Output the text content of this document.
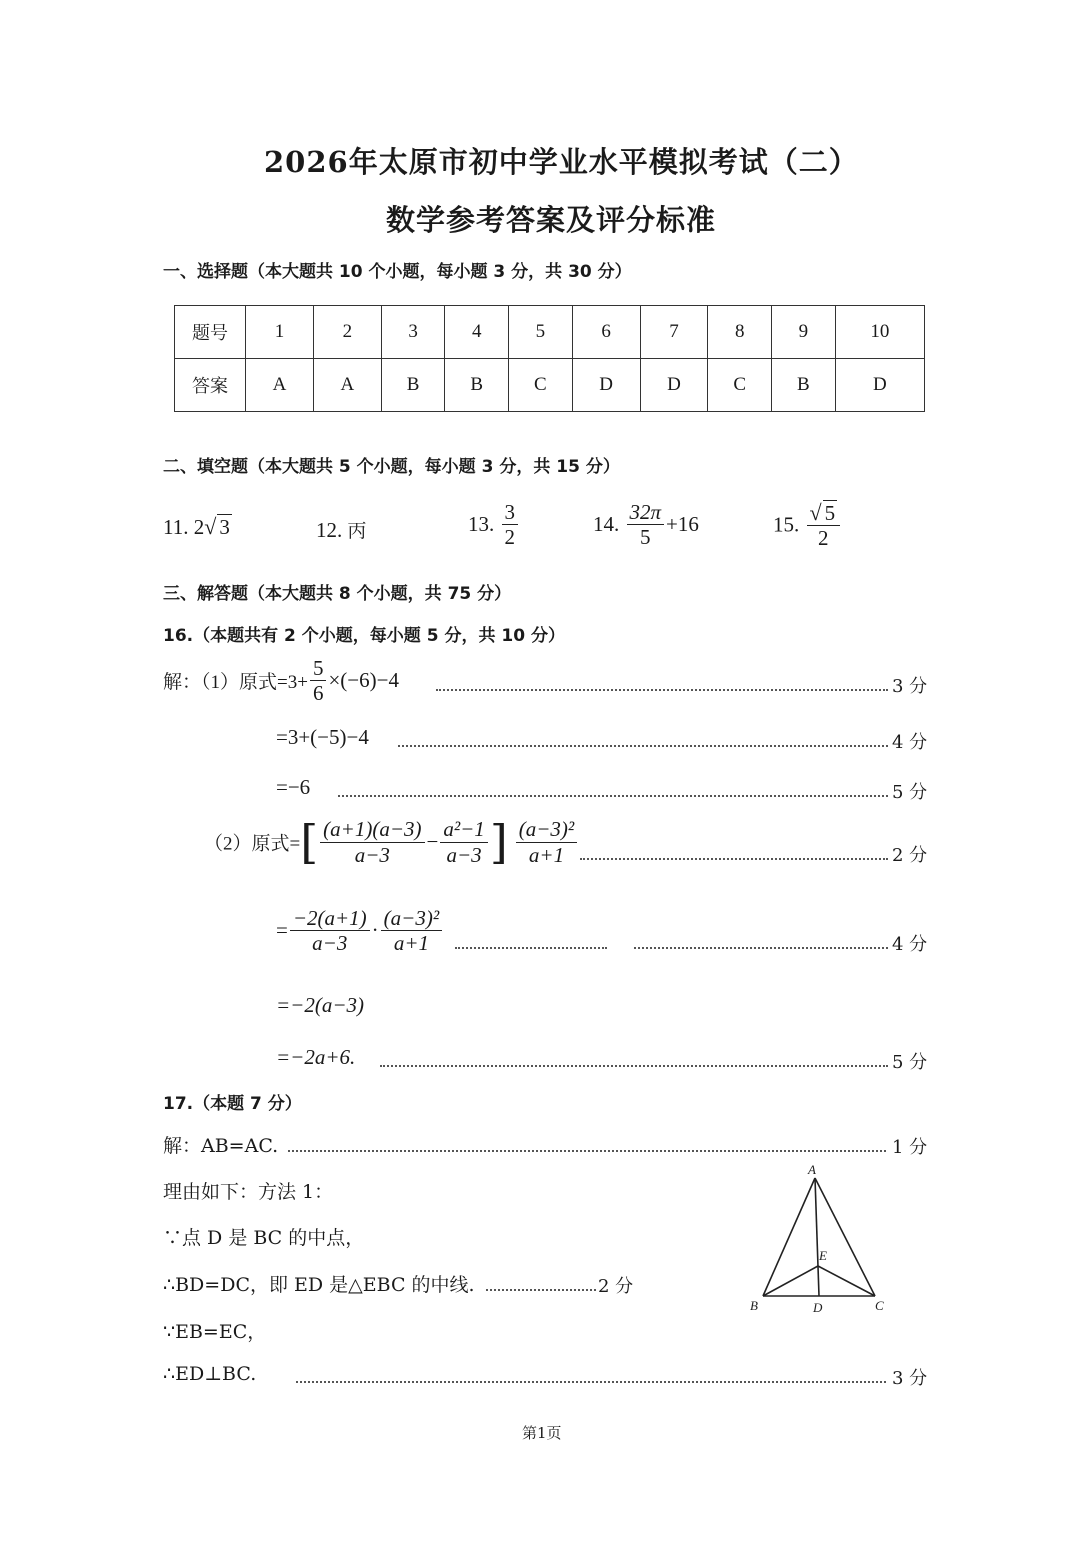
2026年太原市初中学业水平模拟考试（二）
数学参考答案及评分标准
一、选择题（本大题共 10 个小题，每小题 3 分，共 30 分）
题号	1	2	3	4	5	6	7	8	9	10
答案	A	A	B	B	C	D	D	C	B	D
二、填空题（本大题共 5 个小题，每小题 3 分，共 15 分）
11. 2√ 3	12. 丙	13. $\frac{3}{2}$	14. $\frac{32\pi}{5} +16$	15. $\frac{√ 5}{2}$
三、解答题（本大题共 8 个小题，共 75 分）
16.（本题共有 2 个小题，每小题 5 分，共 10 分）
解：（1）原式$=3+ \frac{5}{6} \times(-6)-4$	3 分
=3+(−5)−4	4 分
=−6	5 分
（2）原式=[ $\frac{(a+1)(a-3)}{a-3} - \frac{\text{a²−1}}{a-3}$ ] $\frac{\text{(a−3)²}}{a+1}$	2 分
= $\frac{-2(a+1)}{a-3} \cdot \frac{\text{(a−3)²}}{a+1}$	4 分
=−2(a−3)
=−2a+6.	5 分
17.（本题 7 分）
解：AB=AC.	1 分
理由如下：方法 1：
∵点 D 是 BC 的中点，
∴BD=DC，即 ED 是△EBC 的中线.	2 分
∵EB=EC，
∴ED⊥BC.	3 分
A
E
B	D	C
第1页
